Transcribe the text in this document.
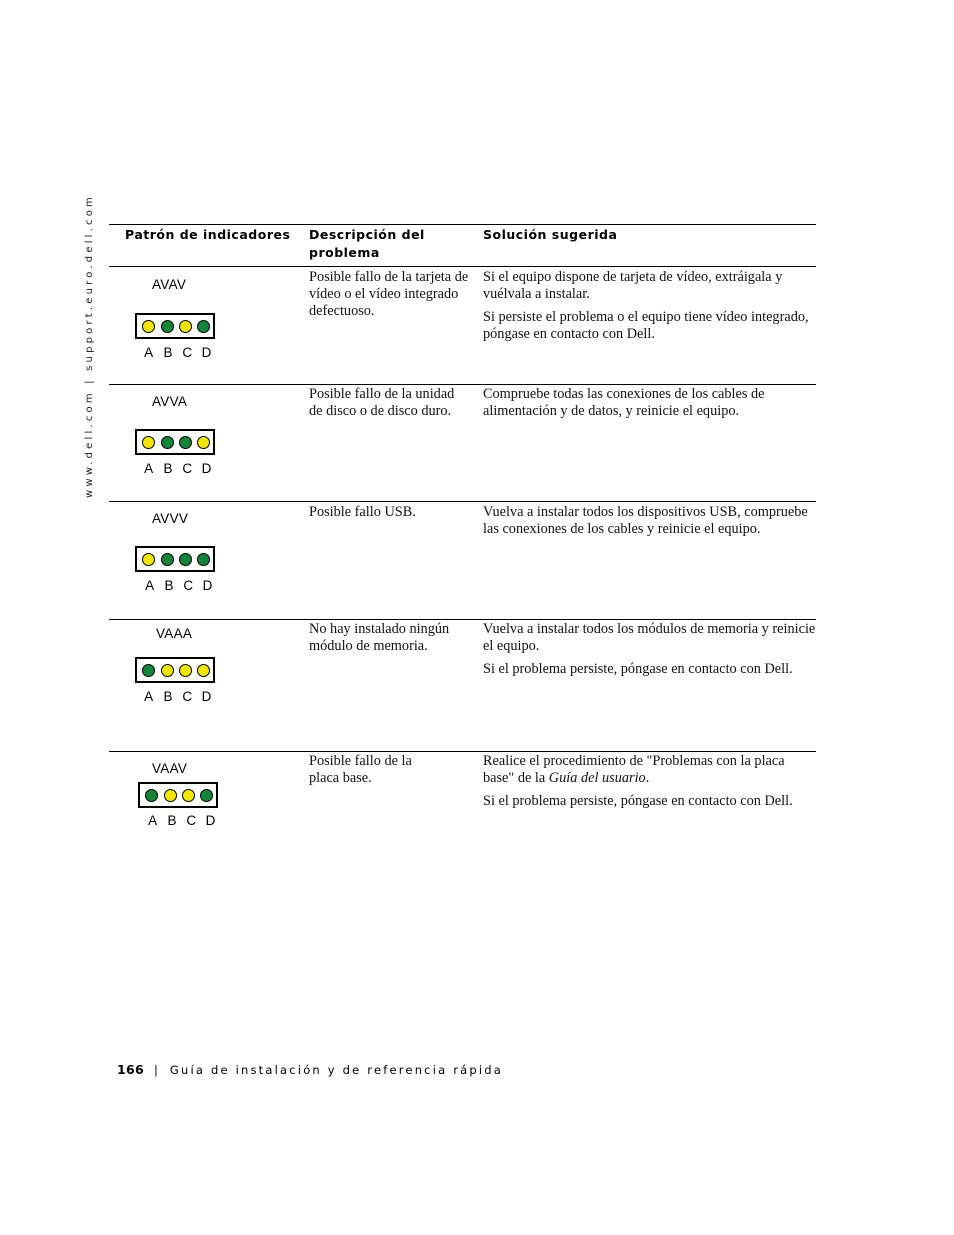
www.dell.com | support.euro.dell.com Patrón de indicadores Descripción del problema
Solución sugerida
AVAV
A B C D
Posible fallo de la tarjeta de vídeo o el vídeo integrado defectuoso.

Si el equipo dispone de tarjeta de vídeo, extráigala y vuélvala a instalar.

Si persiste el problema o el equipo tiene vídeo integrado, póngase en contacto con Dell.

AVVA
A B C D
Posible fallo de la unidad de disco o de disco duro.

Compruebe todas las conexiones de los cables de alimentación y de datos, y reinicie el equipo.

AVVV
A B C D
Posible fallo USB.	Vuelva a instalar todos los dispositivos USB, compruebe las conexiones de los cables y reinicie el equipo.

VAAA
A B C D
No hay instalado ningún módulo de memoria.

Vuelva a instalar todos los módulos de memoria y reinicie el equipo.

Si el problema persiste, póngase en contacto con Dell.

VAAV
A B C D
Posible fallo de la placa base.

Realice el procedimiento de "Problemas con la placa base" de la Guía del usuario.

Si el problema persiste, póngase en contacto con Dell.

166 | Guía de instalación y de referencia rápida
